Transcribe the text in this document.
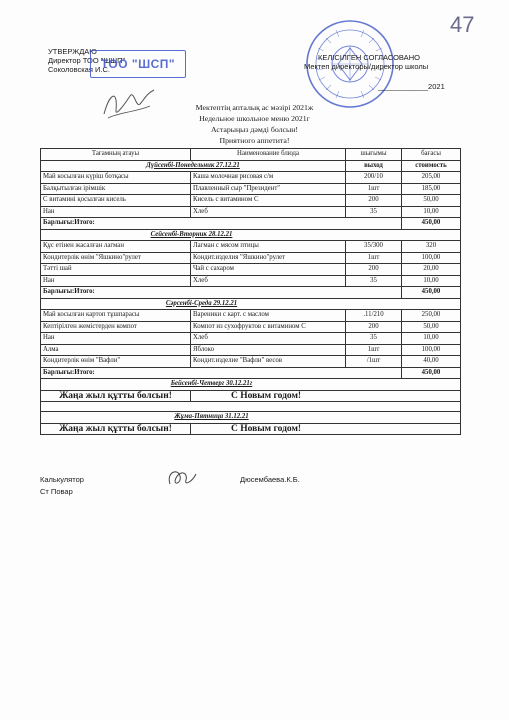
47
УТВЕРЖДАЮ
Директор ТОО "ШШП"
Соколовская И.С.
ТОО "ШСП"	КЕЛІСІЛГЕН СОГЛАСОВАНО
Мектеп директоры/директор школы
____________2021
Мектептің апталық ас мәзірі 2021ж
Недельное школьное меню 2021г
Астарыңыз дәмді болсын!
Приятного аппетита!
Тағамның атауы	Наименование блюда	шығымы	бағасы
Дүйсенбі-Понедельник 27.12.21		выход	стоимость
Май косылған күріш ботқасы	Каша молочная рисовая с/м	200/10	205,00
Балқытылған ірімшік	Плавленный сыр "Президент"	1шт	185,00
С витамині қосылған кисель	Кисель с витамином С	200	50,00
Нан	Хлеб	35	10,00
Барлығы:Итого:			450,00
Сейсенбі-Вторник 28.12.21			
Құс етінен жасалған лагман	Лагман с мясом птицы	35/300	320
Кондитерлік өнім "Яшкино"рулет	Кондит.изделия "Яшкино"рулет	1шт	100,00
Тәтті шай	Чай с сахаром	200	20,00
Нан	Хлеб	35	10,00
Барлығы:Итого:			450,00
Сәрсенбі-Среда 29.12.21			
Май косылған картоп тұшпарасы	Вареники с карт. с маслом	.11/210	250,00
Кептірілген жемістерден компот	Компот из сухофруктов с витамином С	200	50,00
Нан	Хлеб	35	10,00
Алма	Яблоко	1шт	100,00
Кондитерлік өнім "Вафли"	Кондит.изделие "Вафли" весов	/1шт	40,00
Барлығы:Итого:			450,00
Бейсенбі-Четверг 30.12.21г			
Жаңа жыл құтты болсын!	С Новым годом!		

Жұма-Пятница 31.12.21			
Жаңа жыл құтты болсын!	С Новым годом!		
Калькулятор
Ст Повар
Дюсембаева.К.Б.
